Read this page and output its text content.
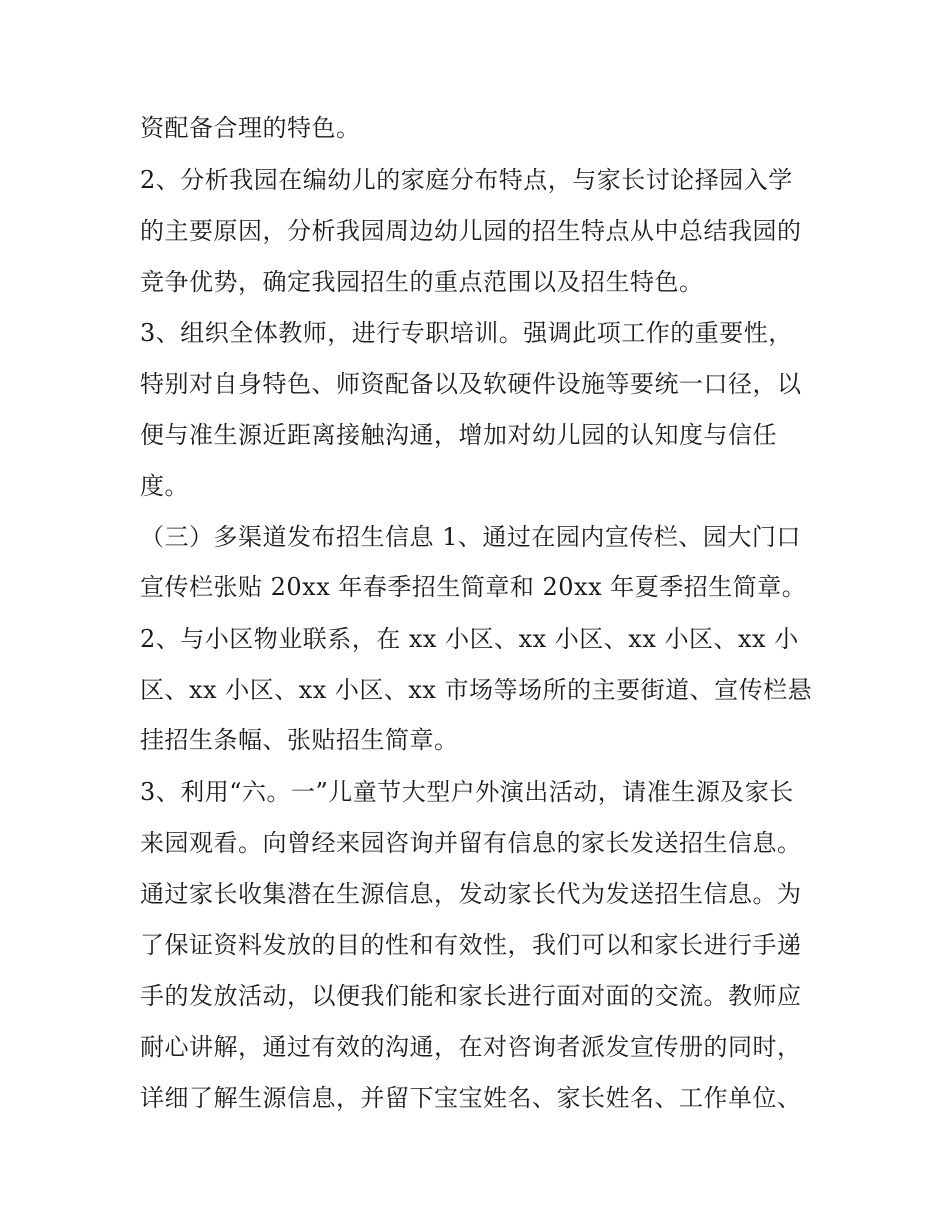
资配备合理的特色。
2、分析我园在编幼儿的家庭分布特点，与家长讨论择园入学
的主要原因，分析我园周边幼儿园的招生特点从中总结我园的
竞争优势，确定我园招生的重点范围以及招生特色。
3、组织全体教师，进行专职培训。强调此项工作的重要性，
特别对自身特色、师资配备以及软硬件设施等要统一口径，以
便与准生源近距离接触沟通，增加对幼儿园的认知度与信任
度。
（三）多渠道发布招生信息 1、通过在园内宣传栏、园大门口
宣传栏张贴 20xx 年春季招生简章和 20xx 年夏季招生简章。
2、与小区物业联系，在 xx 小区、xx 小区、xx 小区、xx 小
区、xx 小区、xx 小区、xx 市场等场所的主要街道、宣传栏悬
挂招生条幅、张贴招生简章。
3、利用“六。一”儿童节大型户外演出活动，请准生源及家长
来园观看。向曾经来园咨询并留有信息的家长发送招生信息。
通过家长收集潜在生源信息，发动家长代为发送招生信息。为
了保证资料发放的目的性和有效性，我们可以和家长进行手递
手的发放活动，以便我们能和家长进行面对面的交流。教师应
耐心讲解，通过有效的沟通，在对咨询者派发宣传册的同时，
详细了解生源信息，并留下宝宝姓名、家长姓名、工作单位、
